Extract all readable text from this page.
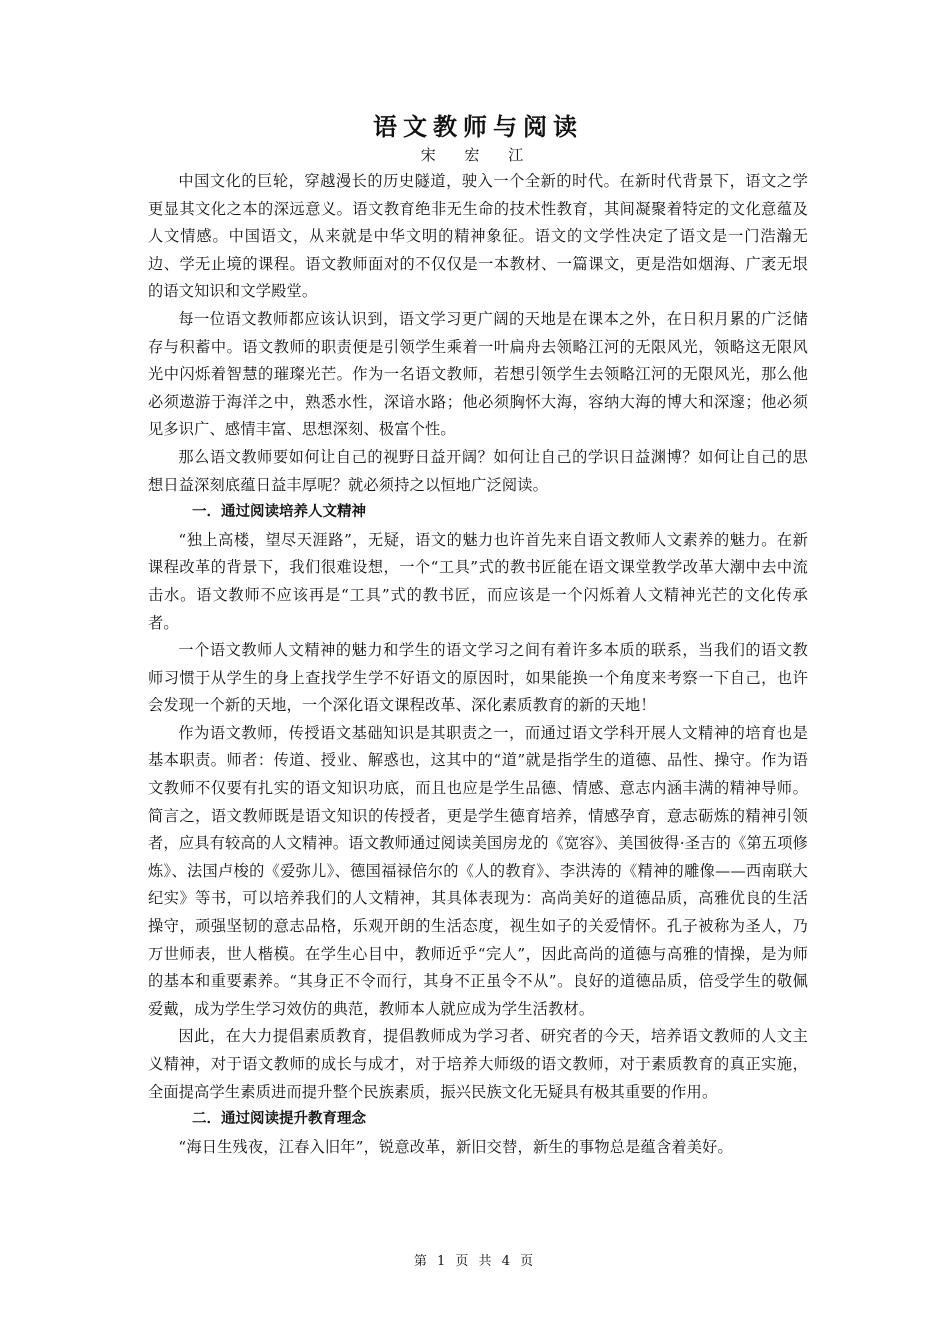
语文教师与阅读
宋 宏 江

中国文化的巨轮，穿越漫长的历史隧道，驶入一个全新的时代。在新时代背景下，语文之学更显其文化之本的深远意义。语文教育绝非无生命的技术性教育，其间凝聚着特定的文化意蕴及人文情感。中国语文，从来就是中华文明的精神象征。语文的文学性决定了语文是一门浩瀚无边、学无止境的课程。语文教师面对的不仅仅是一本教材、一篇课文，更是浩如烟海、广袤无垠的语文知识和文学殿堂。

每一位语文教师都应该认识到，语文学习更广阔的天地是在课本之外，在日积月累的广泛储存与积蓄中。语文教师的职责便是引领学生乘着一叶扁舟去领略江河的无限风光，领略这无限风光中闪烁着智慧的璀璨光芒。作为一名语文教师，若想引领学生去领略江河的无限风光，那么他必须遨游于海洋之中，熟悉水性，深谙水路；他必须胸怀大海，容纳大海的博大和深邃；他必须见多识广、感情丰富、思想深刻、极富个性。

那么语文教师要如何让自己的视野日益开阔？如何让自己的学识日益渊博？如何让自己的思想日益深刻底蕴日益丰厚呢？就必须持之以恒地广泛阅读。

一．通过阅读培养人文精神

“独上高楼，望尽天涯路”，无疑，语文的魅力也许首先来自语文教师人文素养的魅力。在新课程改革的背景下，我们很难设想，一个“工具”式的教书匠能在语文课堂教学改革大潮中去中流击水。语文教师不应该再是“工具”式的教书匠，而应该是一个闪烁着人文精神光芒的文化传承者。

一个语文教师人文精神的魅力和学生的语文学习之间有着许多本质的联系，当我们的语文教师习惯于从学生的身上查找学生学不好语文的原因时，如果能换一个角度来考察一下自己，也许会发现一个新的天地，一个深化语文课程改革、深化素质教育的新的天地！

作为语文教师，传授语文基础知识是其职责之一，而通过语文学科开展人文精神的培育也是基本职责。师者：传道、授业、解惑也，这其中的“道”就是指学生的道德、品性、操守。作为语文教师不仅要有扎实的语文知识功底，而且也应是学生品德、情感、意志内涵丰满的精神导师。简言之，语文教师既是语文知识的传授者，更是学生德育培养，情感孕育，意志砺炼的精神引领者，应具有较高的人文精神。语文教师通过阅读美国房龙的《宽容》、美国彼得·圣吉的《第五项修炼》、法国卢梭的《爱弥儿》、德国福禄倍尔的《人的教育》、李洪涛的《精神的雕像——西南联大纪实》等书，可以培养我们的人文精神，其具体表现为：高尚美好的道德品质，高雅优良的生活操守，顽强坚韧的意志品格，乐观开朗的生活态度，视生如子的关爱情怀。孔子被称为圣人，乃万世师表，世人楷模。在学生心目中，教师近乎“完人”，因此高尚的道德与高雅的情操，是为师的基本和重要素养。“其身正不令而行，其身不正虽令不从”。良好的道德品质，倍受学生的敬佩爱戴，成为学生学习效仿的典范，教师本人就应成为学生活教材。

因此，在大力提倡素质教育，提倡教师成为学习者、研究者的今天，培养语文教师的人文主义精神，对于语文教师的成长与成才，对于培养大师级的语文教师，对于素质教育的真正实施，全面提高学生素质进而提升整个民族素质，振兴民族文化无疑具有极其重要的作用。

二．通过阅读提升教育理念

“海日生残夜，江春入旧年”，锐意改革，新旧交替，新生的事物总是蕴含着美好。

第 1 页 共 4 页
